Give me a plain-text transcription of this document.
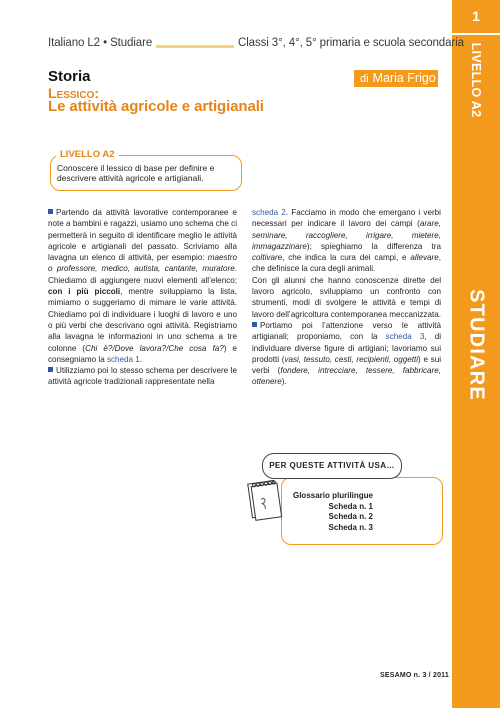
1
LIVELLO A2
STUDIARE
Italiano L2 • Studiare	Classi 3°, 4°, 5° primaria e scuola secondaria
Storia
Lessico:
Le attività agricole e artigianali
di Maria Frigo
LIVELLO A2
Conoscere il lessico di base per definire e descrivere attività agricole e artigianali.

Partendo da attività lavorative contemporanee e note a bambini e ragazzi, usiamo uno schema che ci permetterà in seguito di identificare meglio le attività agricole e artigianali del passato. Scriviamo alla lavagna un elenco di attività, per esempio: maestro o professore, medico, autista, cantante, muratore. Chiediamo di aggiungere nuovi elementi all’elenco; con i più piccoli, mentre sviluppiamo la lista, mimiamo o suggeriamo di mimare le varie attività. Chiediamo poi di individuare i luoghi di lavoro e uno o più verbi che descrivano ogni attività. Registriamo alla lavagna le informazioni in uno schema a tre colonne (Chi è?/Dove lavora?/Che cosa fa?) e consegniamo la scheda 1.
Utilizziamo poi lo stesso schema per descrivere le attività agricole tradizionali rappresentate nella

scheda 2. Facciamo in modo che emergano i verbi necessari per indicare il lavoro dei campi (arare, seminare, raccogliere, irrigare, mietere, immagazzinare); spieghiamo la differenza tra coltivare, che indica la cura dei campi, e allevare, che definisce la cura degli animali.
Con gli alunni che hanno conoscenze dirette del lavoro agricolo, sviluppiamo un confronto con strumenti, modi di svolgere le attività e tempi di lavoro dell’agricoltura contemporanea meccanizzata.
Portiamo poi l’attenzione verso le attività artigianali; proponiamo, con la scheda 3, di individuare diverse figure di artigiani; lavoriamo sui prodotti (vasi, tessuto, cesti, recipienti, oggetti) e sui verbi (fondere, intrecciare, tessere, fabbricare, ottenere).

PER QUESTE ATTIVITÀ USA…
Glossario plurilingue
Scheda n. 1
Scheda n. 2
Scheda n. 3
SESAMO n. 3 / 2011
